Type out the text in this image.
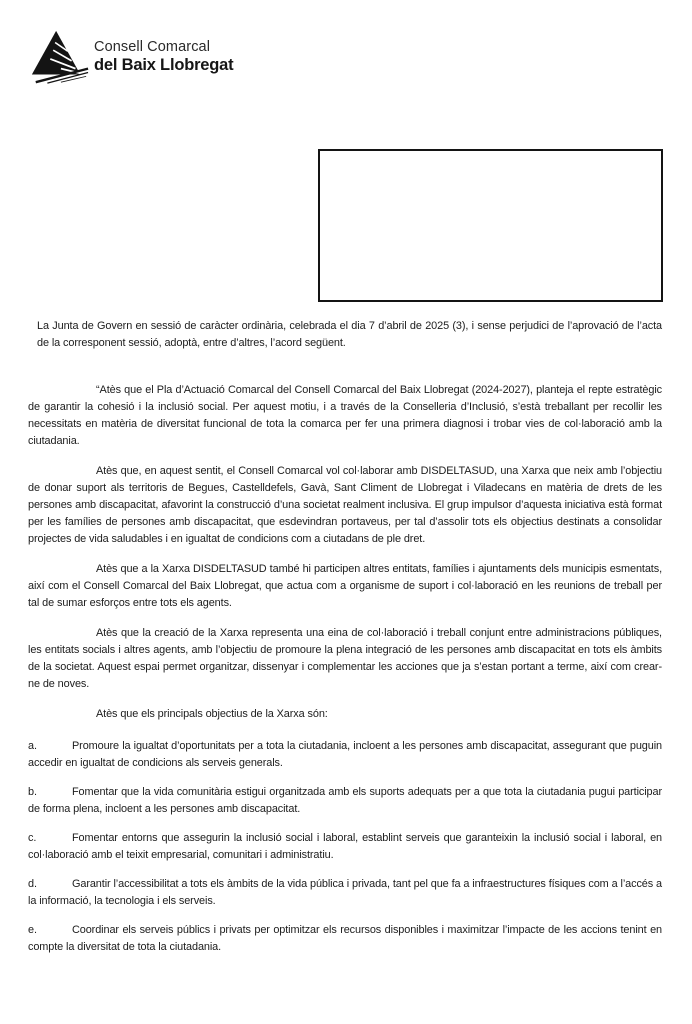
Consell Comarcal
del Baix Llobregat

La Junta de Govern en sessió de caràcter ordinària, celebrada el dia 7 d’abril de 2025 (3), i sense perjudici de l’aprovació de l’acta de la corresponent sessió, adoptà, entre d’altres, l’acord següent.

“Atès que el Pla d’Actuació Comarcal del Consell Comarcal del Baix Llobregat (2024-2027), planteja el repte estratègic de garantir la cohesió i la inclusió social. Per aquest motiu, i a través de la Conselleria d’Inclusió, s’està treballant per recollir les necessitats en matèria de diversitat funcional de tota la comarca per fer una primera diagnosi i trobar vies de col·laboració amb la ciutadania.

Atès que, en aquest sentit, el Consell Comarcal vol col·laborar amb DISDELTASUD, una Xarxa que neix amb l’objectiu de donar suport als territoris de Begues, Castelldefels, Gavà, Sant Climent de Llobregat i Viladecans en matèria de drets de les persones amb discapacitat, afavorint la construcció d’una societat realment inclusiva. El grup impulsor d’aquesta iniciativa està format per les famílies de persones amb discapacitat, que esdevindran portaveus, per tal d’assolir tots els objectius destinats a consolidar projectes de vida saludables i en igualtat de condicions com a ciutadans de ple dret.

Atès que a la Xarxa DISDELTASUD també hi participen altres entitats, famílies i ajuntaments dels municipis esmentats, així com el Consell Comarcal del Baix Llobregat, que actua com a organisme de suport i col·laboració en les reunions de treball per tal de sumar esforços entre tots els agents.

Atès que la creació de la Xarxa representa una eina de col·laboració i treball conjunt entre administracions públiques, les entitats socials i altres agents, amb l’objectiu de promoure la plena integració de les persones amb discapacitat en tots els àmbits de la societat. Aquest espai permet organitzar, dissenyar i complementar les acciones que ja s’estan portant a terme, així com crear-ne de noves.

Atès que els principals objectius de la Xarxa són:

a.	Promoure la igualtat d’oportunitats per a tota la ciutadania, incloent a les persones amb discapacitat, assegurant que puguin accedir en igualtat de condicions als serveis generals.

b.	Fomentar que la vida comunitària estigui organitzada amb els suports adequats per a que tota la ciutadania pugui participar de forma plena, incloent a les persones amb discapacitat.

c.	Fomentar entorns que assegurin la inclusió social i laboral, establint serveis que garanteixin la inclusió social i laboral, en col·laboració amb el teixit empresarial, comunitari i administratiu.

d.	Garantir l’accessibilitat a tots els àmbits de la vida pública i privada, tant pel que fa a infraestructures físiques com a l’accés a la informació, la tecnologia i els serveis.

e.	Coordinar els serveis públics i privats per optimitzar els recursos disponibles i maximitzar l’impacte de les accions tenint en compte la diversitat de tota la ciutadania.
